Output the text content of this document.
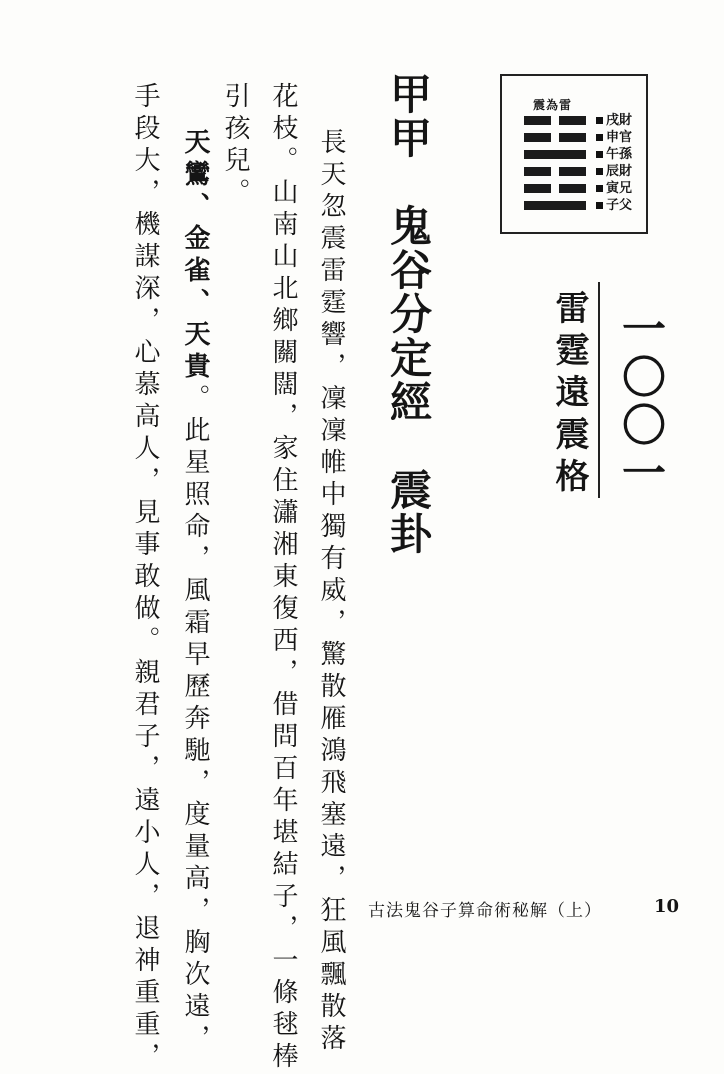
震為雷
戌財
申官
午孫
辰財
寅兄
子父
一〇〇一
雷霆遠震格
甲甲　鬼谷分定經　震卦
長天忽震雷霆響，凜凜帷中獨有威，驚散雁鴻飛塞遠，狂風飄散落
花枝。山南山北鄉關闊，家住瀟湘東復西，借問百年堪結子，一條毬棒
引孩兒。
天鸞、金雀、天貴。此星照命，風霜早歷奔馳，度量高，胸次遠，
手段大，機謀深，心慕高人，見事敢做。親君子，遠小人，退神重重，	古法鬼谷子算命術秘解（上）	10
